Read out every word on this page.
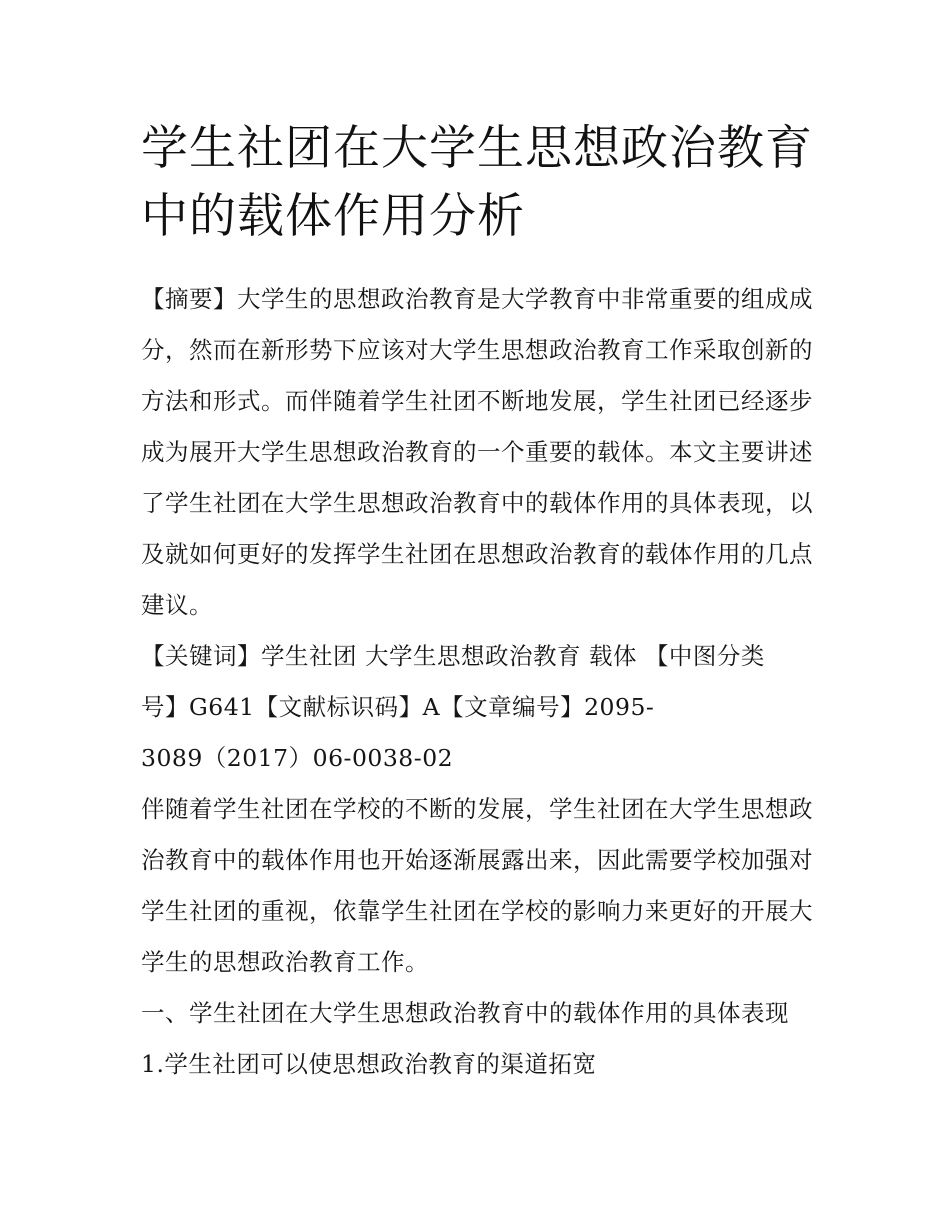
学生社团在大学生思想政治教育中的载体作用分析

【摘要】大学生的思想政治教育是大学教育中非常重要的组成成分，然而在新形势下应该对大学生思想政治教育工作采取创新的方法和形式。而伴随着学生社团不断地发展，学生社团已经逐步成为展开大学生思想政治教育的一个重要的载体。本文主要讲述了学生社团在大学生思想政治教育中的载体作用的具体表现，以及就如何更好的发挥学生社团在思想政治教育的载体作用的几点建议。

【关键词】学生社团 大学生思想政治教育 载体 【中图分类
号】G641【文献标识码】A【文章编号】2095-
3089（2017）06-0038-02

伴随着学生社团在学校的不断的发展，学生社团在大学生思想政治教育中的载体作用也开始逐渐展露出来，因此需要学校加强对学生社团的重视，依靠学生社团在学校的影响力来更好的开展大学生的思想政治教育工作。

一、学生社团在大学生思想政治教育中的载体作用的具体表现

1.学生社团可以使思想政治教育的渠道拓宽
